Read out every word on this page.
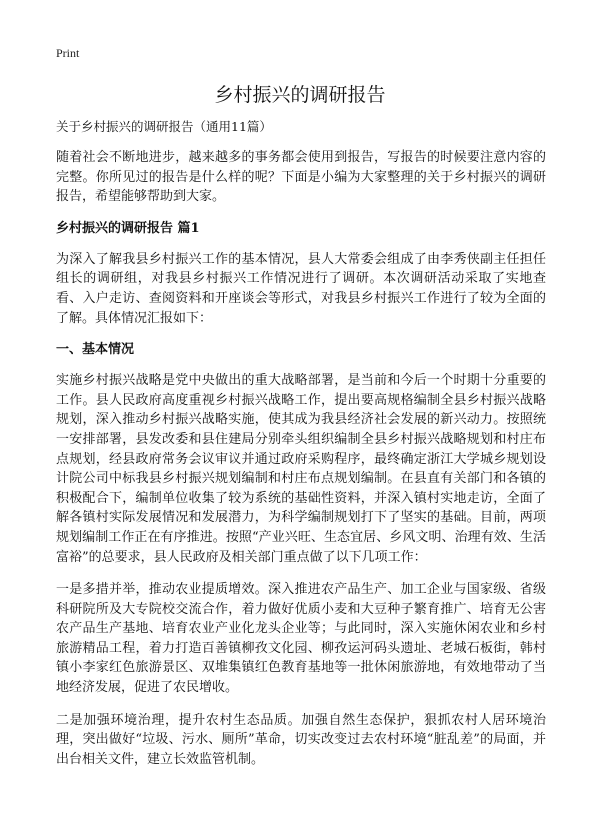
Print
乡村振兴的调研报告

关于乡村振兴的调研报告（通用11篇）

随着社会不断地进步，越来越多的事务都会使用到报告，写报告的时候要注意内容的完整。你所见过的报告是什么样的呢？下面是小编为大家整理的关于乡村振兴的调研报告，希望能够帮助到大家。

乡村振兴的调研报告 篇1

为深入了解我县乡村振兴工作的基本情况，县人大常委会组成了由李秀侠副主任担任组长的调研组，对我县乡村振兴工作情况进行了调研。本次调研活动采取了实地查看、入户走访、查阅资料和开座谈会等形式，对我县乡村振兴工作进行了较为全面的了解。具体情况汇报如下：

一、基本情况

实施乡村振兴战略是党中央做出的重大战略部署，是当前和今后一个时期十分重要的工作。县人民政府高度重视乡村振兴战略工作，提出要高规格编制全县乡村振兴战略规划，深入推动乡村振兴战略实施，使其成为我县经济社会发展的新兴动力。按照统一安排部署，县发改委和县住建局分别牵头组织编制全县乡村振兴战略规划和村庄布点规划，经县政府常务会议审议并通过政府采购程序，最终确定浙江大学城乡规划设计院公司中标我县乡村振兴规划编制和村庄布点规划编制。在县直有关部门和各镇的积极配合下，编制单位收集了较为系统的基础性资料，并深入镇村实地走访，全面了解各镇村实际发展情况和发展潜力，为科学编制规划打下了坚实的基础。目前，两项规划编制工作正在有序推进。按照“产业兴旺、生态宜居、乡风文明、治理有效、生活富裕”的总要求，县人民政府及相关部门重点做了以下几项工作：

一是多措并举，推动农业提质增效。深入推进农产品生产、加工企业与国家级、省级科研院所及大专院校交流合作，着力做好优质小麦和大豆种子繁育推广、培育无公害农产品生产基地、培育农业产业化龙头企业等；与此同时，深入实施休闲农业和乡村旅游精品工程，着力打造百善镇柳孜文化园、柳孜运河码头遗址、老城石板街，韩村镇小李家红色旅游景区、双堆集镇红色教育基地等一批休闲旅游地，有效地带动了当地经济发展，促进了农民增收。

二是加强环境治理，提升农村生态品质。加强自然生态保护，狠抓农村人居环境治理，突出做好“垃圾、污水、厕所”革命，切实改变过去农村环境“脏乱差”的局面，并出台相关文件，建立长效监管机制。
